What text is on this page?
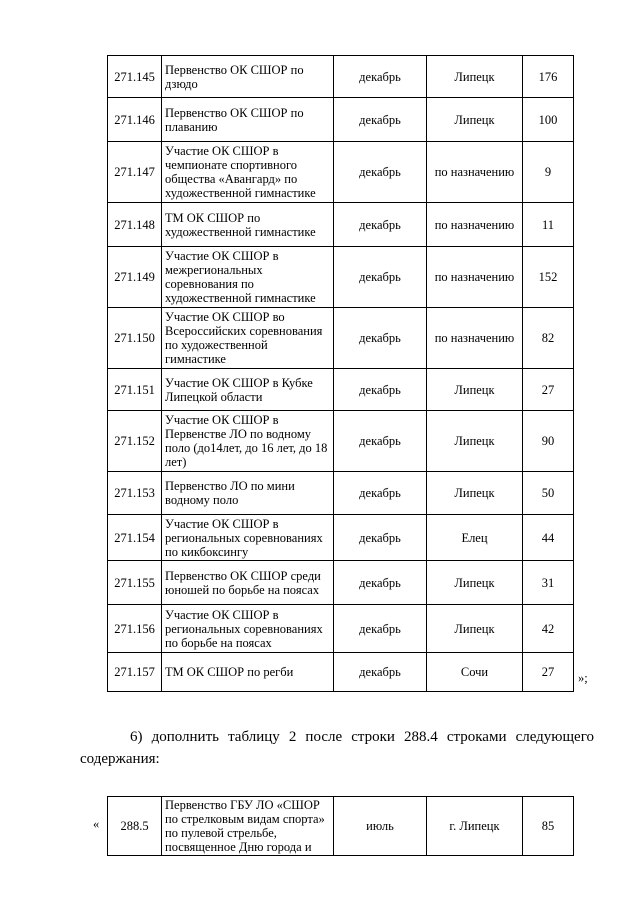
271.145	Первенство ОК СШОР по дзюдо	декабрь	Липецк	176
271.146	Первенство ОК СШОР по плаванию	декабрь	Липецк	100
271.147	Участие ОК СШОР в чемпионате спортивного общества «Авангард» по художественной гимнастике	декабрь	по назначению	9
271.148	ТМ ОК СШОР по художественной гимнастике	декабрь	по назначению	11
271.149	Участие ОК СШОР в межрегиональных соревнования по художественной гимнастике	декабрь	по назначению	152
271.150	Участие ОК СШОР во Всероссийских соревнования по художественной гимнастике	декабрь	по назначению	82
271.151	Участие ОК СШОР в Кубке Липецкой области	декабрь	Липецк	27
271.152	Участие ОК СШОР в Первенстве ЛО по водному поло (до14лет, до 16 лет, до 18 лет)	декабрь	Липецк	90
271.153	Первенство ЛО по мини водному поло	декабрь	Липецк	50
271.154	Участие ОК СШОР в региональных соревнованиях по кикбоксингу	декабрь	Елец	44
271.155	Первенство ОК СШОР среди юношей по борьбе на поясах	декабрь	Липецк	31
271.156	Участие ОК СШОР в региональных соревнованиях по борьбе на поясах	декабрь	Липецк	42
271.157	ТМ ОК СШОР по регби	декабрь	Сочи	27 »;

6) дополнить таблицу 2 после строки 288.4 строками следующего содержания:

« 288.5	Первенство ГБУ ЛО «СШОР по стрелковым видам спорта» по пулевой стрельбе, посвященное Дню города и	июль	г. Липецк	85
